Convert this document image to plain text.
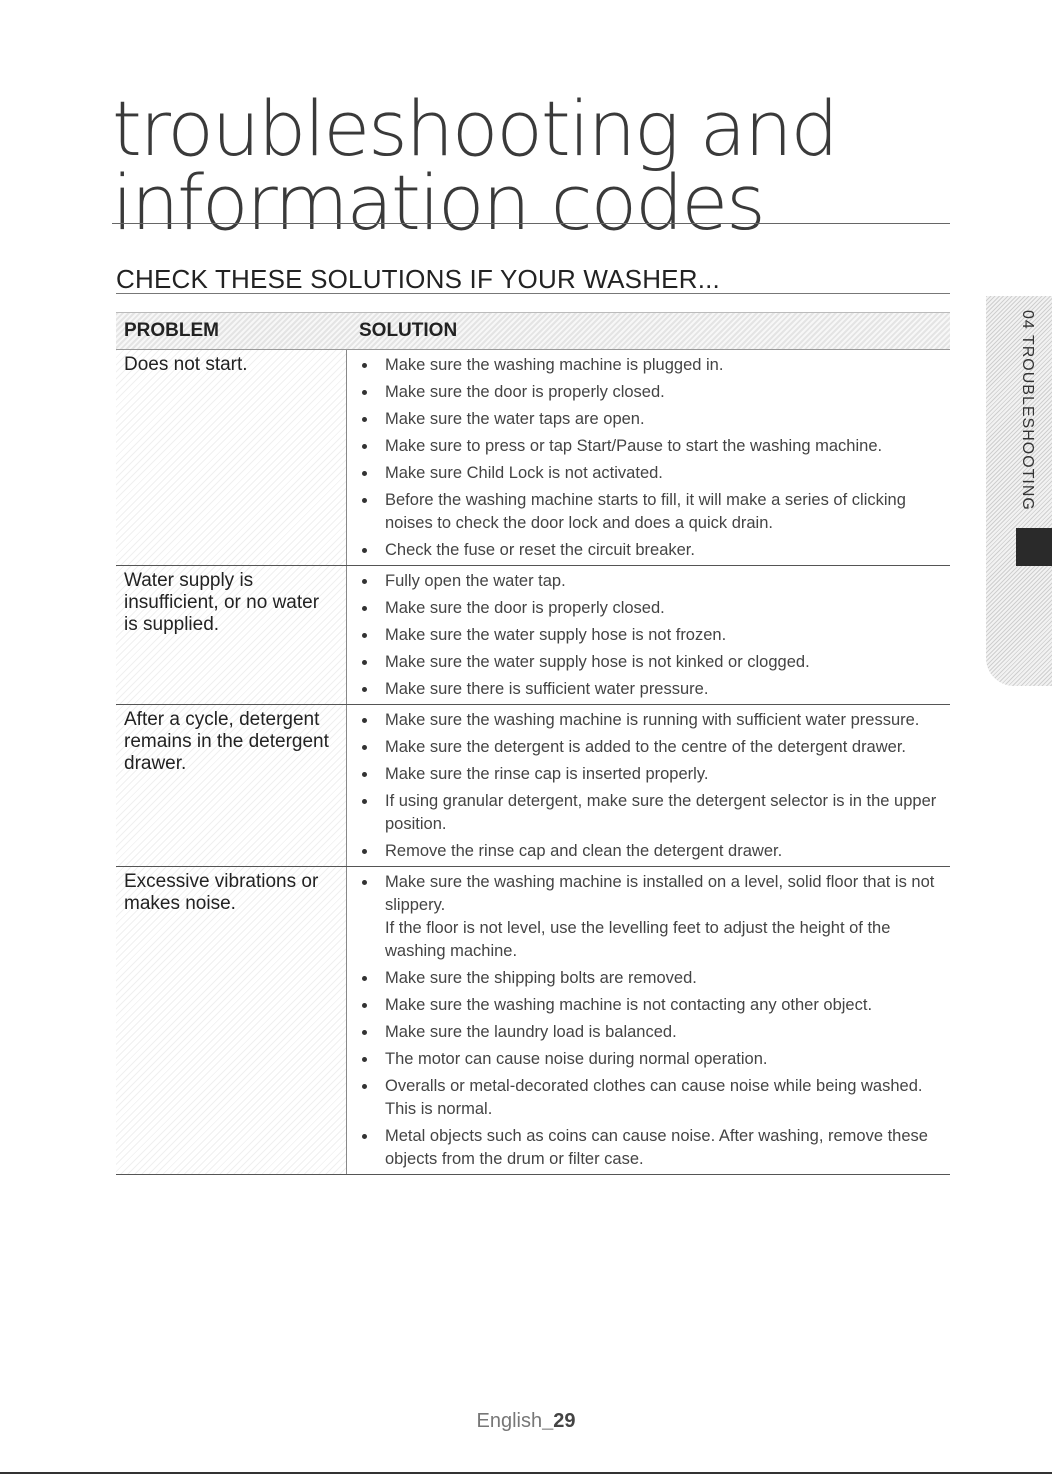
troubleshooting and
information codes
CHECK THESE SOLUTIONS IF YOUR WASHER...
PROBLEM	SOLUTION
Does not start.	Make sure the washing machine is plugged in.
Make sure the door is properly closed.
Make sure the water taps are open.
Make sure to press or tap Start/Pause to start the washing machine.
Make sure Child Lock is not activated.
Before the washing machine starts to fill, it will make a series of clicking noises to check the door lock and does a quick drain.
Check the fuse or reset the circuit breaker.
Water supply is insufficient, or no water is supplied.
Fully open the water tap.
Make sure the door is properly closed.
Make sure the water supply hose is not frozen.
Make sure the water supply hose is not kinked or clogged.
Make sure there is sufficient water pressure.
After a cycle, detergent remains in the detergent drawer.
Make sure the washing machine is running with sufficient water pressure.
Make sure the detergent is added to the centre of the detergent drawer.
Make sure the rinse cap is inserted properly.
If using granular detergent, make sure the detergent selector is in the upper position.
Remove the rinse cap and clean the detergent drawer.
Excessive vibrations or makes noise.
Make sure the washing machine is installed on a level, solid floor that is not slippery.
If the floor is not level, use the levelling feet to adjust the height of the washing machine.
Make sure the shipping bolts are removed.
Make sure the washing machine is not contacting any other object.
Make sure the laundry load is balanced.
The motor can cause noise during normal operation.
Overalls or metal-decorated clothes can cause noise while being washed.
This is normal.
Metal objects such as coins can cause noise. After washing, remove these objects from the drum or filter case.
04 TROUBLESHOOTING
English_29
